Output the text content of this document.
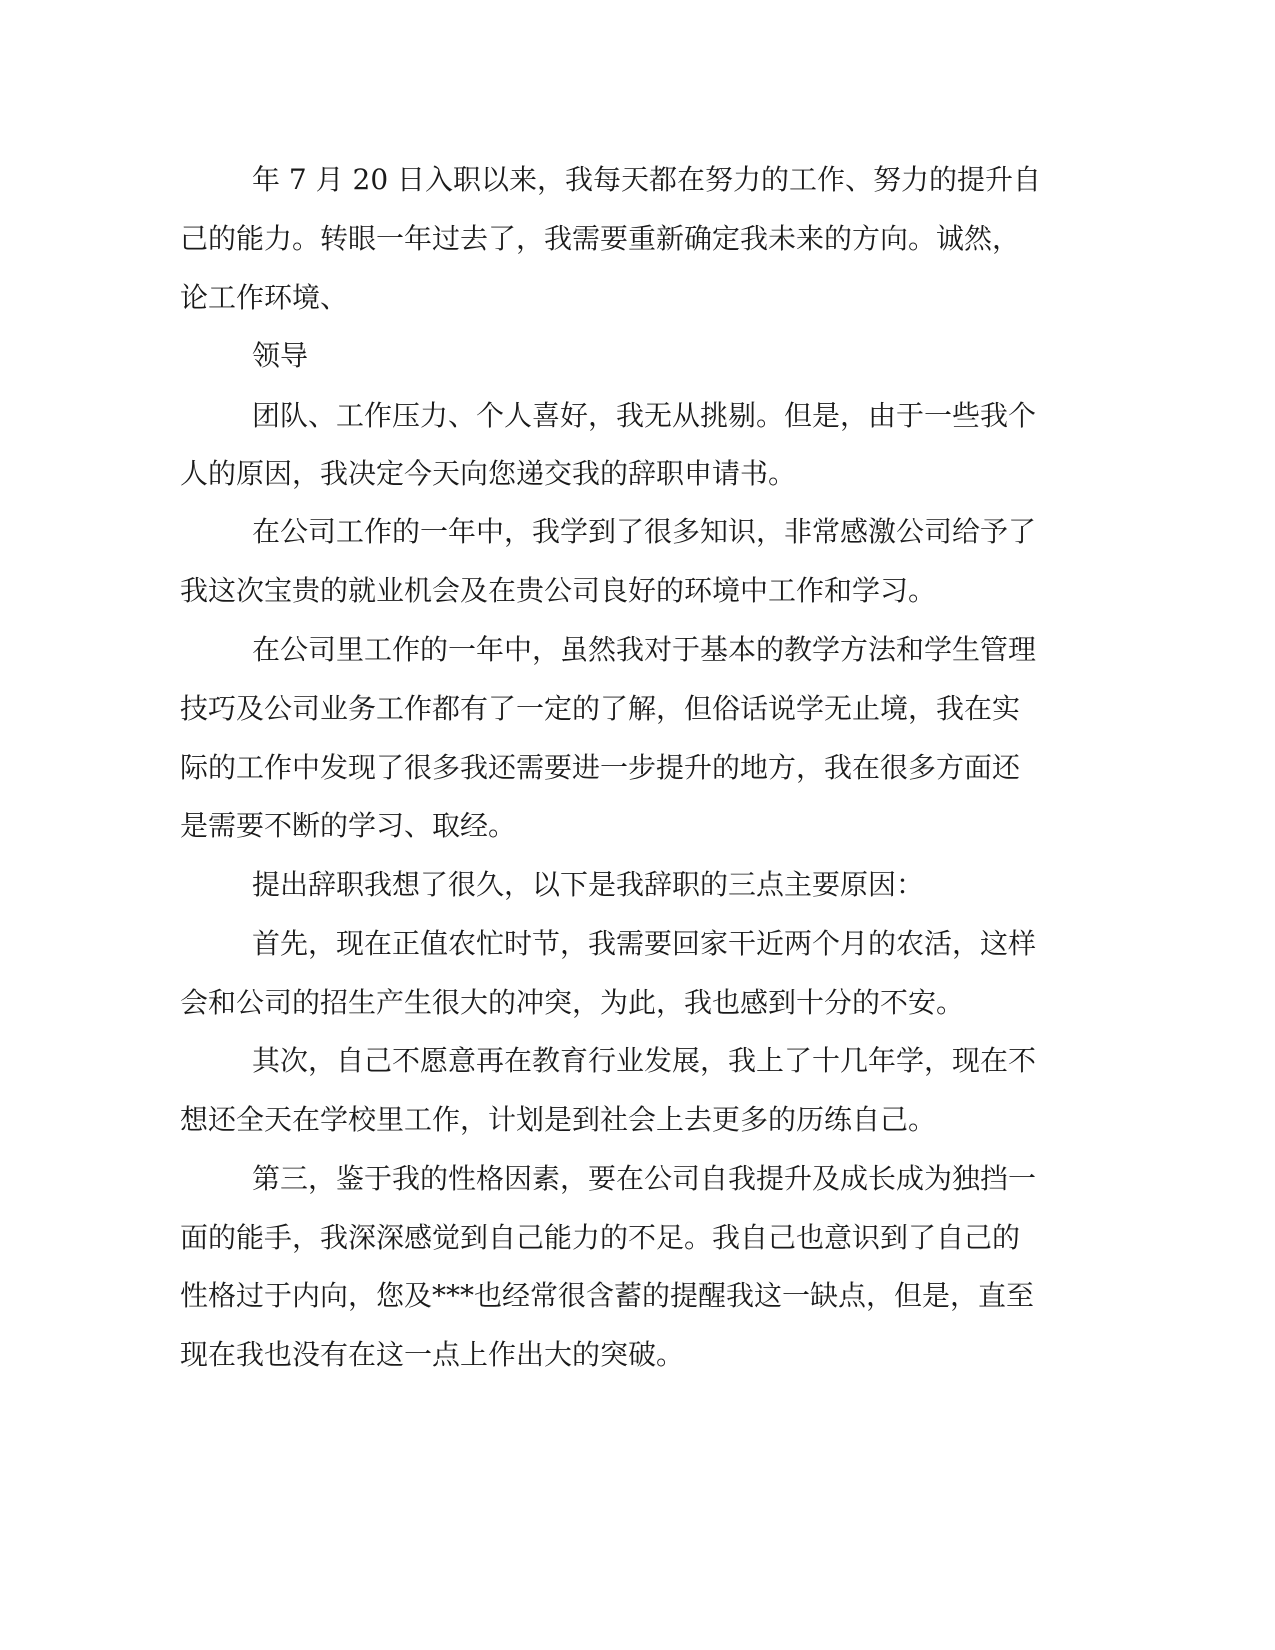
年 7 月 20 日入职以来，我每天都在努力的工作、努力的提升自
己的能力。转眼一年过去了，我需要重新确定我未来的方向。诚然，
论工作环境、
领导
团队、工作压力、个人喜好，我无从挑剔。但是，由于一些我个
人的原因，我决定今天向您递交我的辞职申请书。
在公司工作的一年中，我学到了很多知识，非常感激公司给予了
我这次宝贵的就业机会及在贵公司良好的环境中工作和学习。
在公司里工作的一年中，虽然我对于基本的教学方法和学生管理
技巧及公司业务工作都有了一定的了解，但俗话说学无止境，我在实
际的工作中发现了很多我还需要进一步提升的地方，我在很多方面还
是需要不断的学习、取经。
提出辞职我想了很久，以下是我辞职的三点主要原因：
首先，现在正值农忙时节，我需要回家干近两个月的农活，这样
会和公司的招生产生很大的冲突，为此，我也感到十分的不安。
其次，自己不愿意再在教育行业发展，我上了十几年学，现在不
想还全天在学校里工作，计划是到社会上去更多的历练自己。
第三，鉴于我的性格因素，要在公司自我提升及成长成为独挡一
面的能手，我深深感觉到自己能力的不足。我自己也意识到了自己的
性格过于内向，您及***也经常很含蓄的提醒我这一缺点，但是，直至
现在我也没有在这一点上作出大的突破。
